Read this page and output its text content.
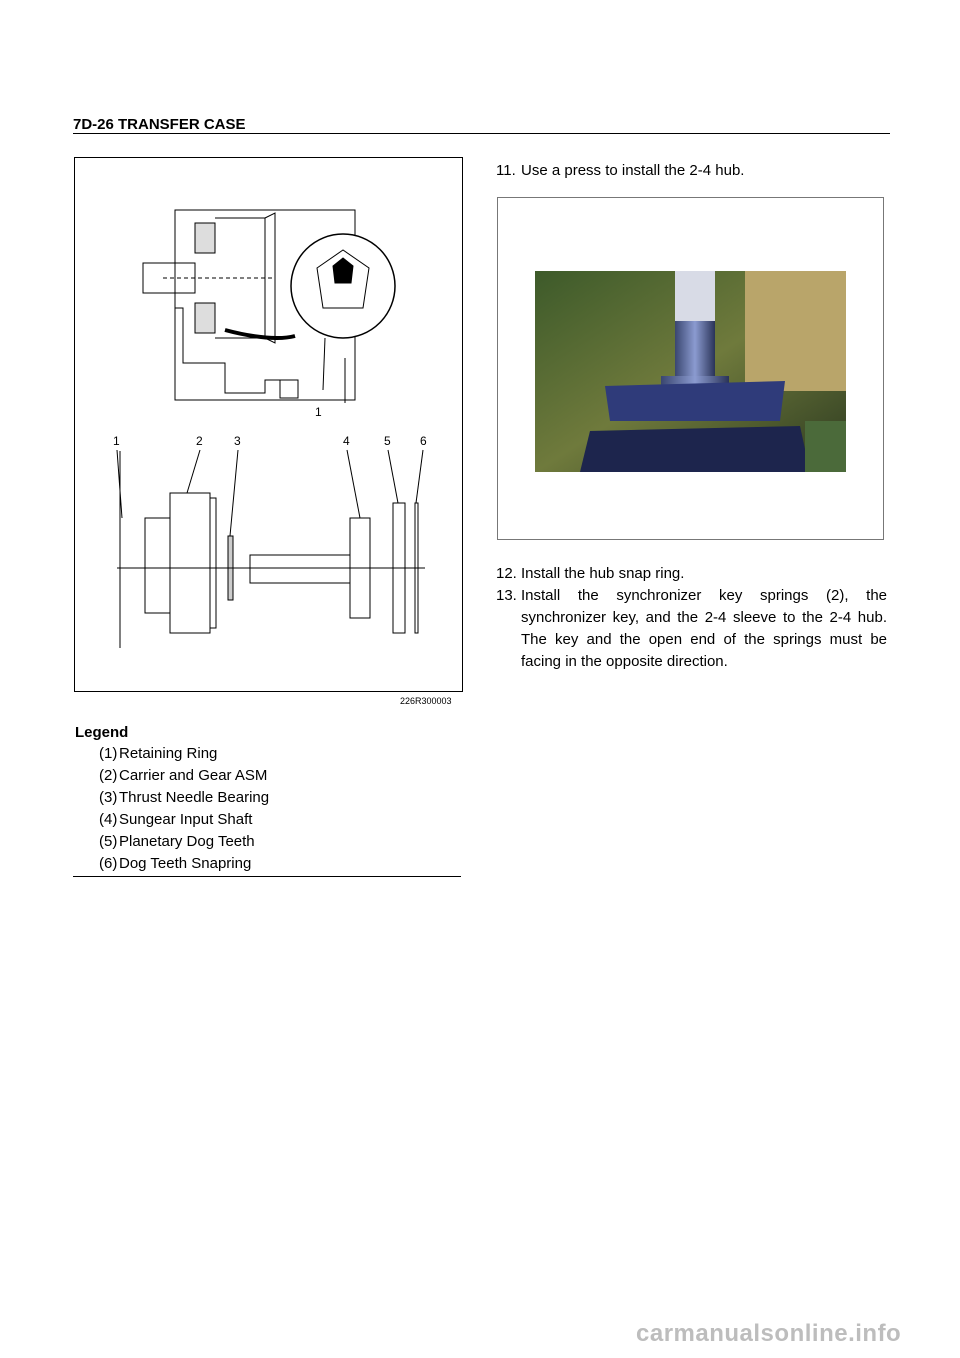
7D-26 TRANSFER CASE
1
1	2	3	4	5 6
226R300003
Legend
(1) Retaining Ring
(2) Carrier and Gear ASM
(3) Thrust Needle Bearing
(4) Sungear Input Shaft
(5) Planetary Dog Teeth
(6) Dog Teeth Snapring
11. Use a press to install the 2-4 hub.
12. Install the hub snap ring.
13. Install the synchronizer key springs (2), the synchronizer key, and the 2-4 sleeve to the 2-4 hub. The key and the open end of the springs must be facing in the opposite direction.
carmanualsonline.info
